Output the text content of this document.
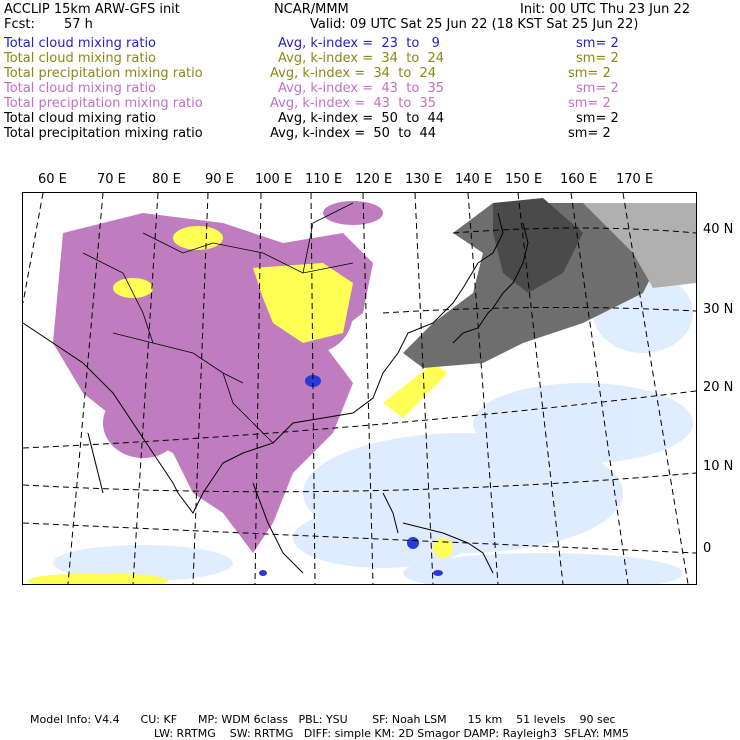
ACCLIP 15km ARW-GFS init	NCAR/MMM	Init: 00 UTC Thu 23 Jun 22
Fcst: 57 h	Valid: 09 UTC Sat 25 Jun 22 (18 KST Sat 25 Jun 22)
Total cloud mixing ratio	Avg, k-index =  23  to   9	sm= 2
Total cloud mixing ratio	Avg, k-index =  34  to  24	sm= 2
Total precipitation mixing ratio	Avg, k-index =  34  to  24	sm= 2
Total cloud mixing ratio	Avg, k-index =  43  to  35	sm= 2
Total precipitation mixing ratio	Avg, k-index =  43  to  35	sm= 2
Total cloud mixing ratio	Avg, k-index =  50  to  44	sm= 2
Total precipitation mixing ratio	Avg, k-index =  50  to  44	sm= 2
60 E 70 E 80 E 90 E 100 E 110 E 120 E 130 E 140 E 150 E 160 E 170 E
40 N
30 N
20 N
10 N
0
Model Info: V4.4      CU: KF      MP: WDM 6class   PBL: YSU       SF: Noah LSM      15 km    51 levels    90 sec
LW: RRTMG    SW: RRTMG   DIFF: simple KM: 2D Smagor DAMP: Rayleigh3  SFLAY: MM5
